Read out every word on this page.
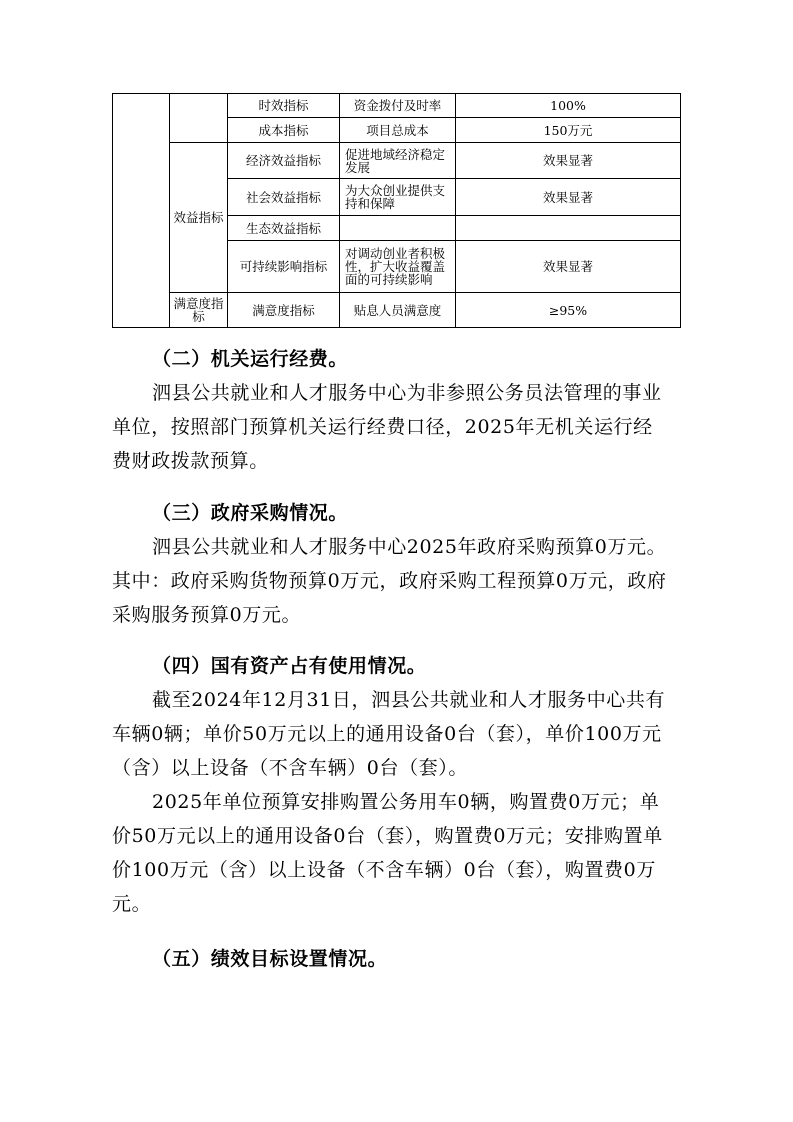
		时效指标	资金拨付及时率	100%
		成本指标	项目总成本	150万元
	效益指标	经济效益指标	促进地域经济稳定发展	效果显著
		社会效益指标	为大众创业提供支持和保障	效果显著
		生态效益指标		
		可持续影响指标	对调动创业者积极性，扩大收益覆盖面的可持续影响	效果显著
	满意度指标	满意度指标	贴息人员满意度	≥95%

（二）机关运行经费。

泗县公共就业和人才服务中心为非参照公务员法管理的事业单位，按照部门预算机关运行经费口径，2025年无机关运行经费财政拨款预算。

（三）政府采购情况。

泗县公共就业和人才服务中心2025年政府采购预算0万元。其中：政府采购货物预算0万元，政府采购工程预算0万元，政府采购服务预算0万元。

（四）国有资产占有使用情况。

截至2024年12月31日，泗县公共就业和人才服务中心共有车辆0辆；单价50万元以上的通用设备0台（套），单价100万元（含）以上设备（不含车辆）0台（套）。

2025年单位预算安排购置公务用车0辆，购置费0万元；单价50万元以上的通用设备0台（套），购置费0万元；安排购置单价100万元（含）以上设备（不含车辆）0台（套），购置费0万元。

（五）绩效目标设置情况。
